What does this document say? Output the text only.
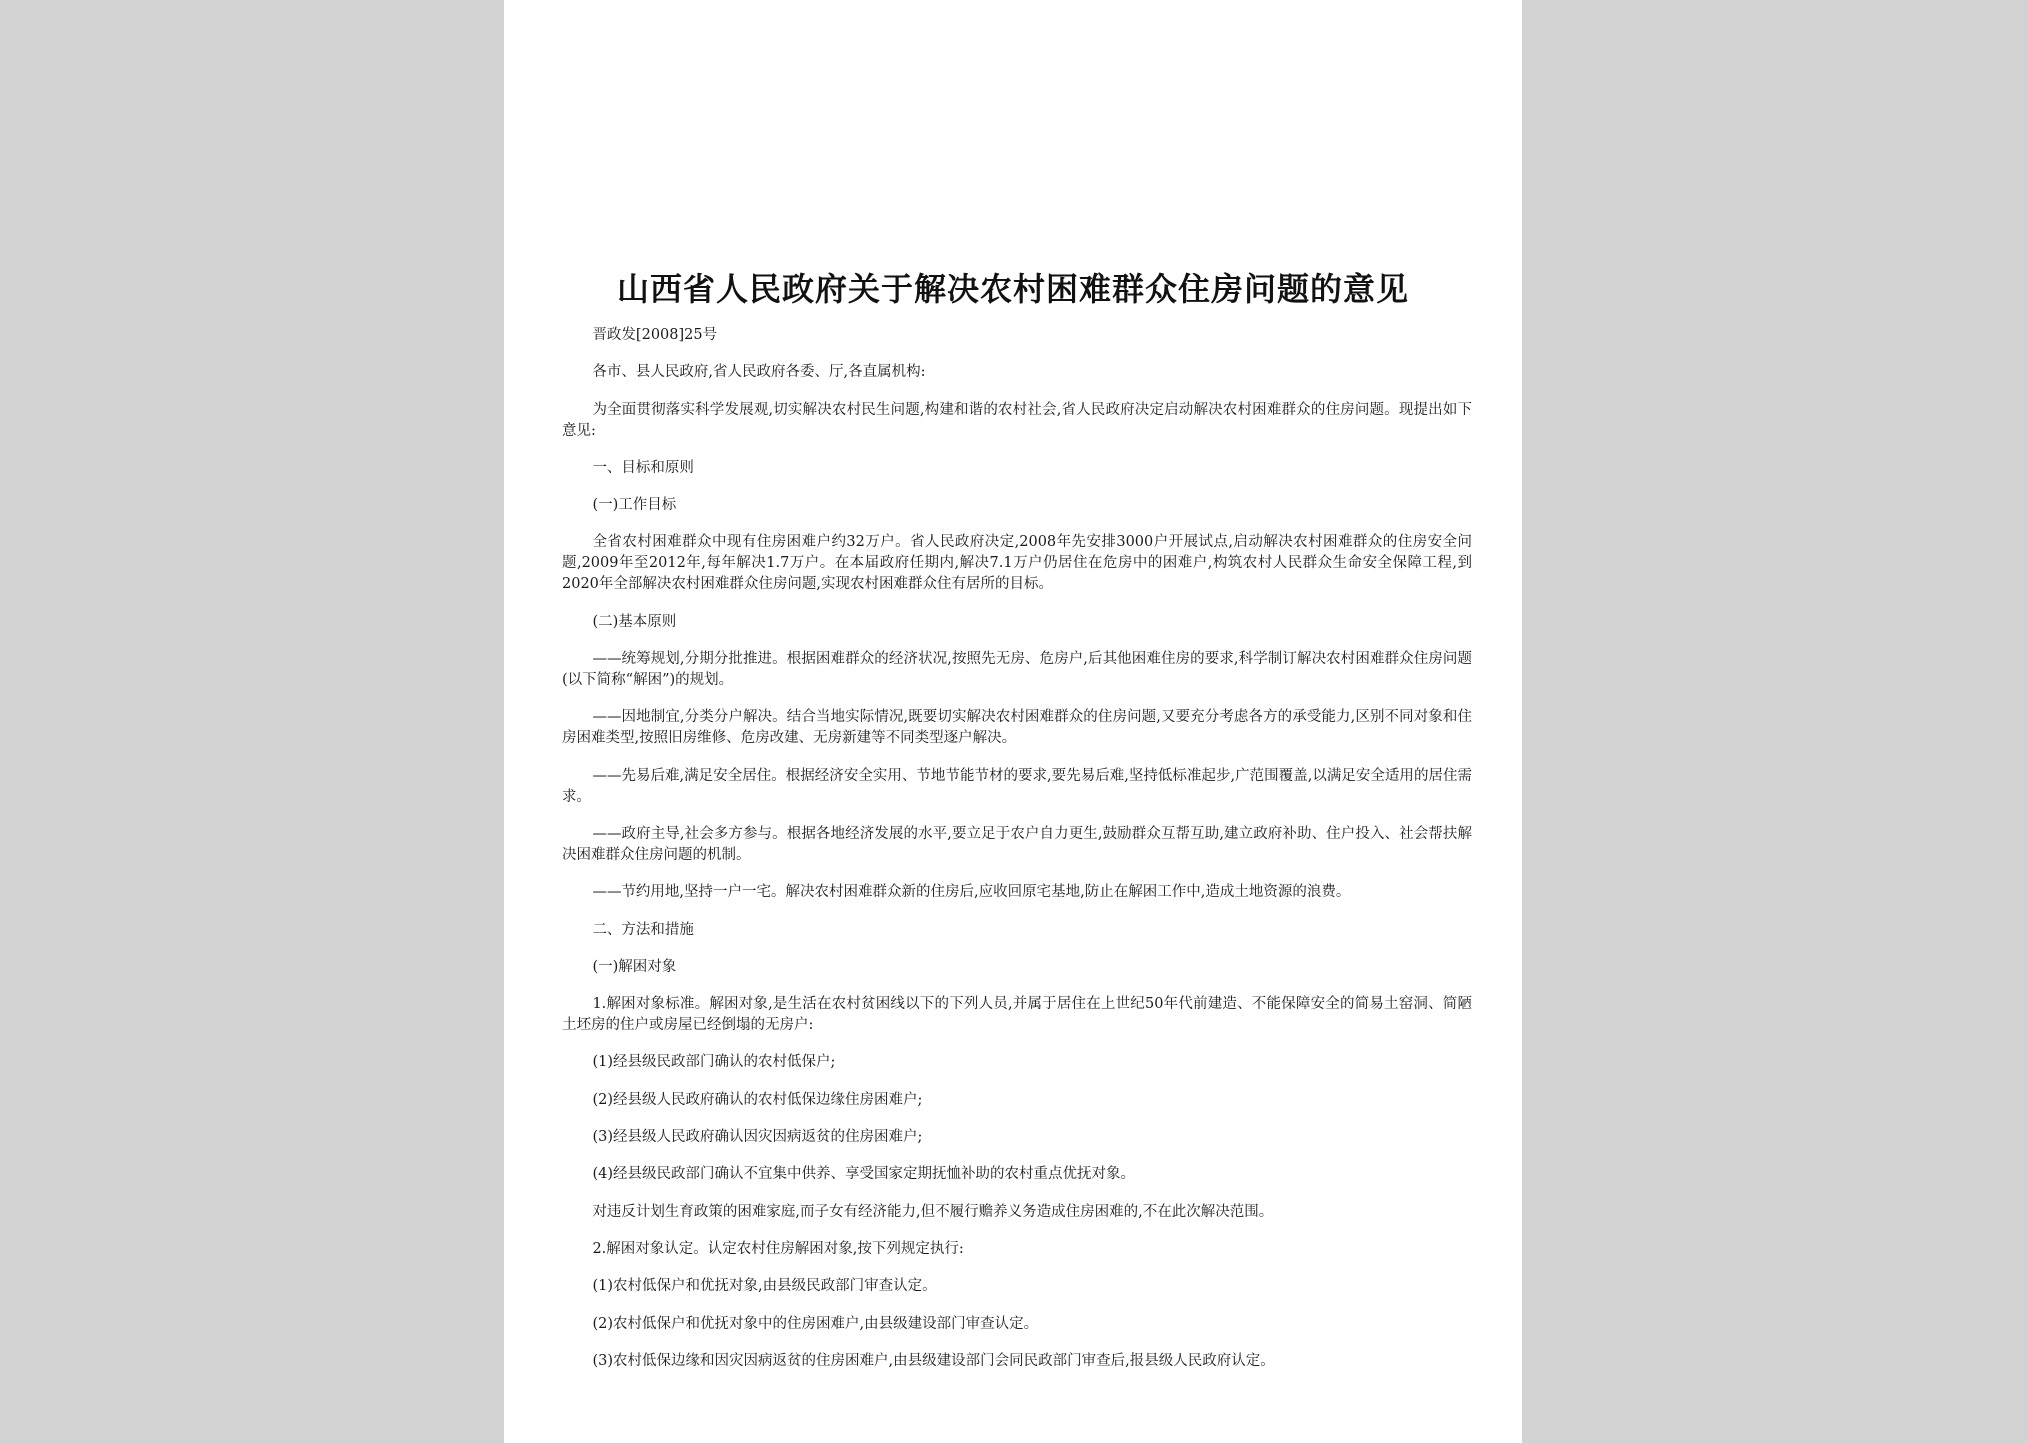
山西省人民政府关于解决农村困难群众住房问题的意见

晋政发[2008]25号

各市、县人民政府,省人民政府各委、厅,各直属机构:

为全面贯彻落实科学发展观,切实解决农村民生问题,构建和谐的农村社会,省人民政府决定启动解决农村困难群众的住房问题。现提出如下意见:

一、目标和原则

(一)工作目标

全省农村困难群众中现有住房困难户约32万户。省人民政府决定,2008年先安排3000户开展试点,启动解决农村困难群众的住房安全问题,2009年至2012年,每年解决1.7万户。在本届政府任期内,解决7.1万户仍居住在危房中的困难户,构筑农村人民群众生命安全保障工程,到2020年全部解决农村困难群众住房问题,实现农村困难群众住有居所的目标。

(二)基本原则

——统筹规划,分期分批推进。根据困难群众的经济状况,按照先无房、危房户,后其他困难住房的要求,科学制订解决农村困难群众住房问题(以下简称“解困”)的规划。

——因地制宜,分类分户解决。结合当地实际情况,既要切实解决农村困难群众的住房问题,又要充分考虑各方的承受能力,区别不同对象和住房困难类型,按照旧房维修、危房改建、无房新建等不同类型逐户解决。

——先易后难,满足安全居住。根据经济安全实用、节地节能节材的要求,要先易后难,坚持低标准起步,广范围覆盖,以满足安全适用的居住需求。

——政府主导,社会多方参与。根据各地经济发展的水平,要立足于农户自力更生,鼓励群众互帮互助,建立政府补助、住户投入、社会帮扶解决困难群众住房问题的机制。

——节约用地,坚持一户一宅。解决农村困难群众新的住房后,应收回原宅基地,防止在解困工作中,造成土地资源的浪费。

二、方法和措施

(一)解困对象

1.解困对象标准。解困对象,是生活在农村贫困线以下的下列人员,并属于居住在上世纪50年代前建造、不能保障安全的简易土窑洞、简陋土坯房的住户或房屋已经倒塌的无房户:

(1)经县级民政部门确认的农村低保户;

(2)经县级人民政府确认的农村低保边缘住房困难户;

(3)经县级人民政府确认因灾因病返贫的住房困难户;

(4)经县级民政部门确认不宜集中供养、享受国家定期抚恤补助的农村重点优抚对象。

对违反计划生育政策的困难家庭,而子女有经济能力,但不履行赡养义务造成住房困难的,不在此次解决范围。

2.解困对象认定。认定农村住房解困对象,按下列规定执行:

(1)农村低保户和优抚对象,由县级民政部门审查认定。

(2)农村低保户和优抚对象中的住房困难户,由县级建设部门审查认定。

(3)农村低保边缘和因灾因病返贫的住房困难户,由县级建设部门会同民政部门审查后,报县级人民政府认定。
